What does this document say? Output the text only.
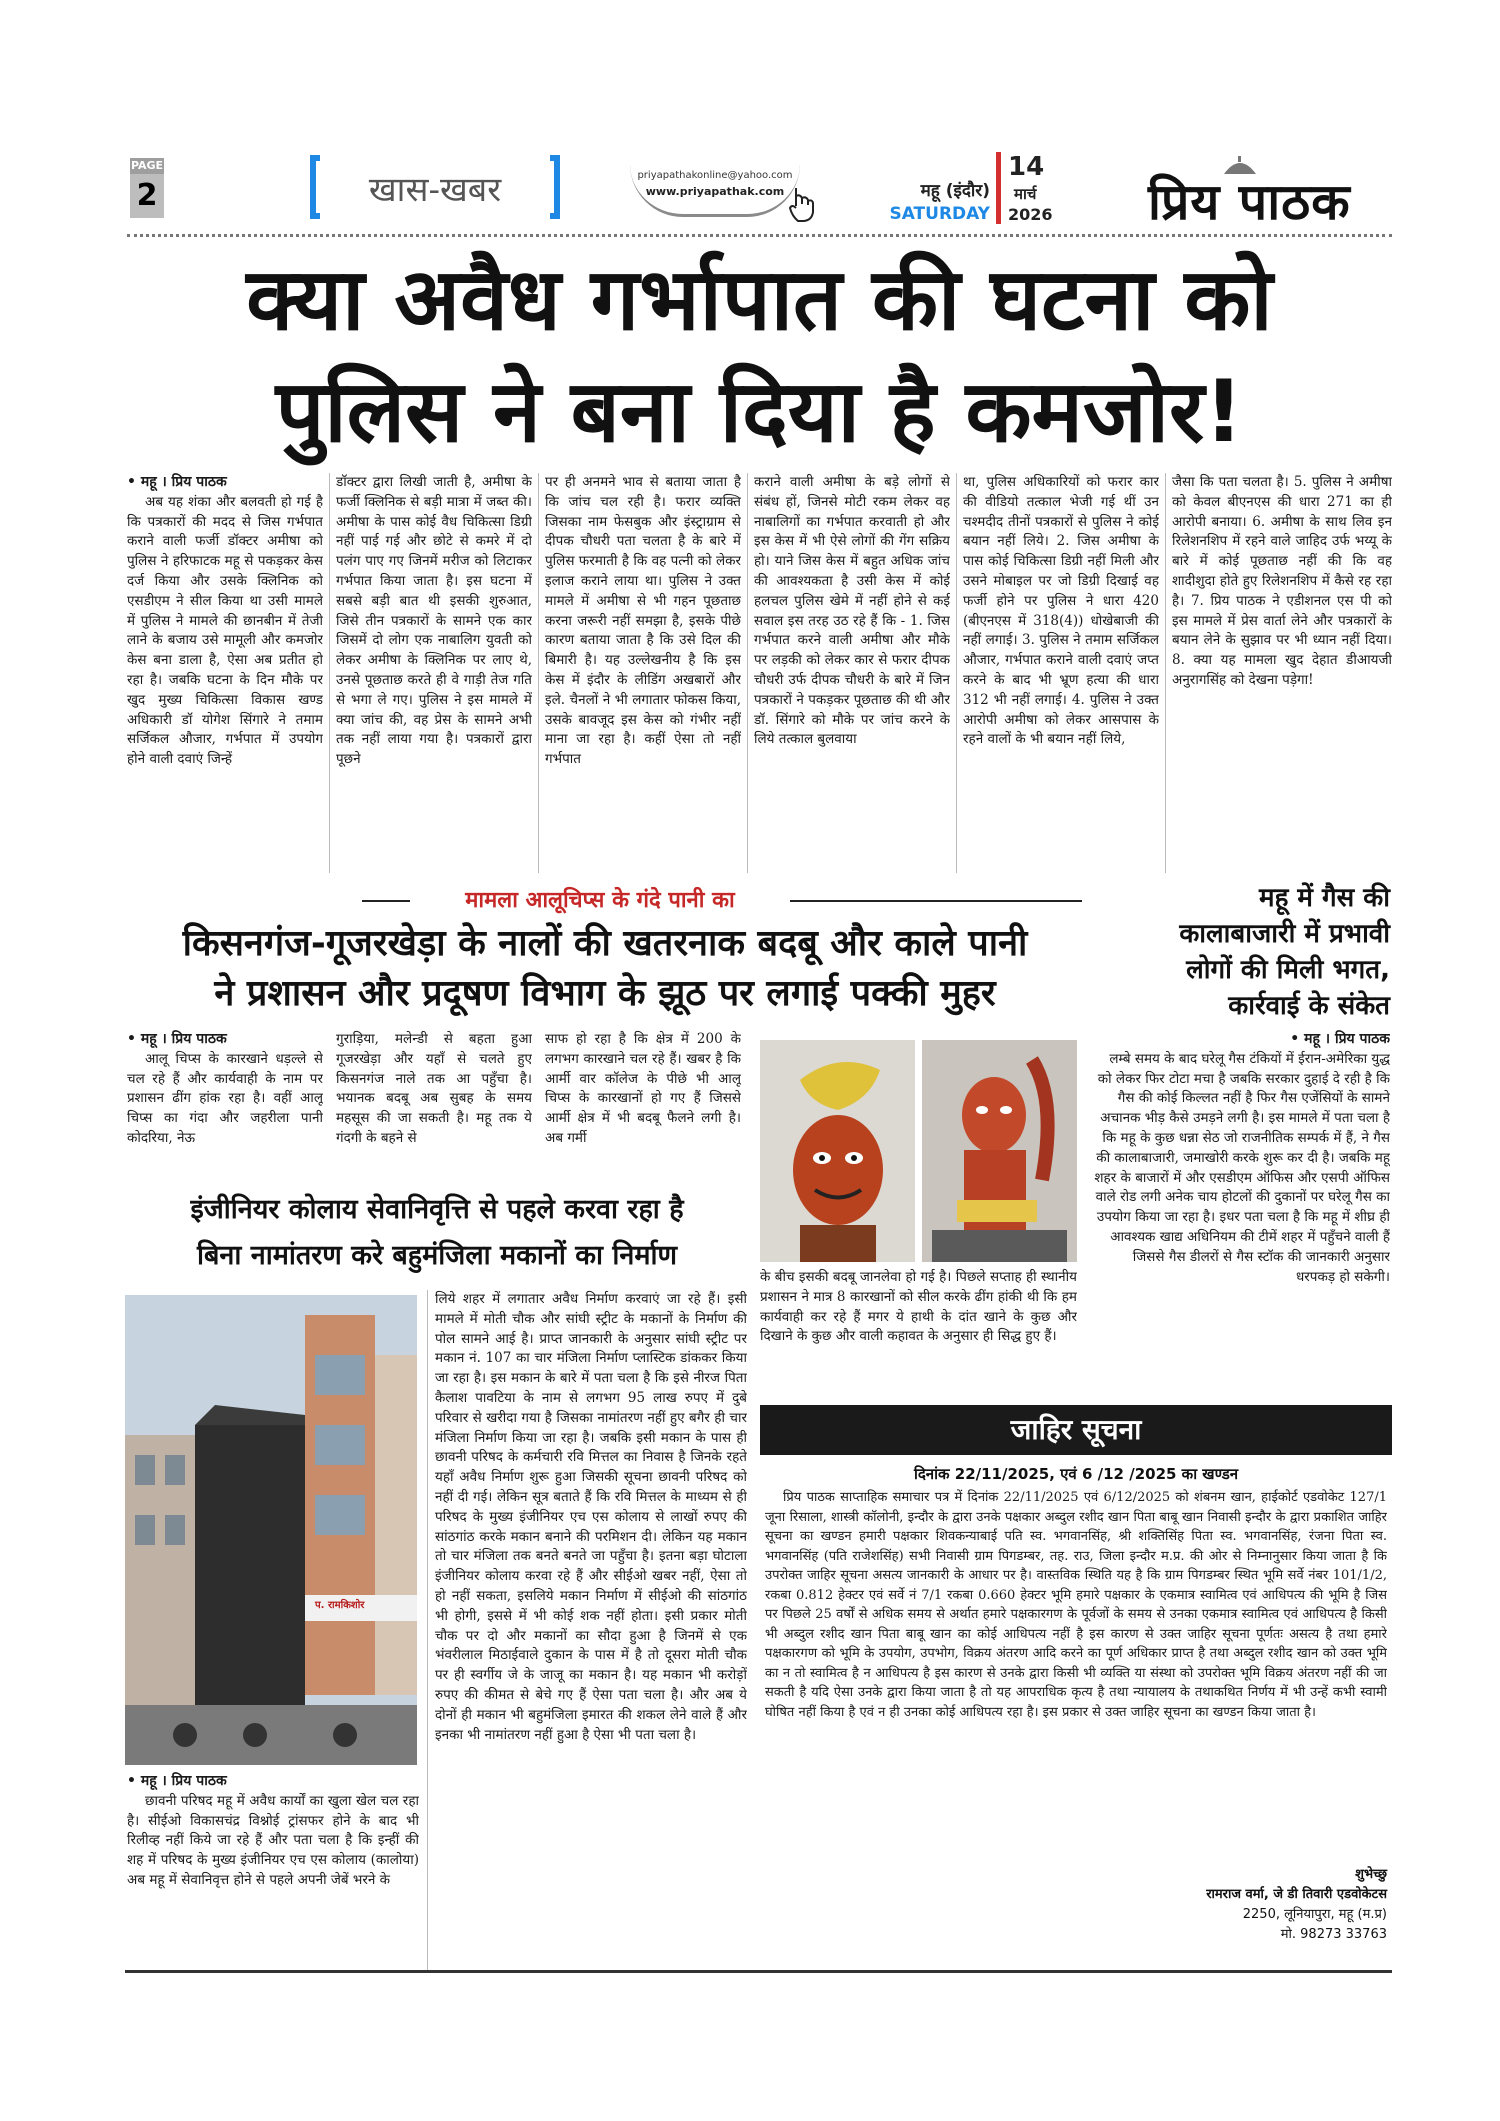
PAGE
2	खास-खबर	priyapathakonline@yahoo.com
www.priyapathak.com	महू (इंदौर)
SATURDAY
14
मार्च
2026 प्रिय पाठक
क्या अवैध गर्भापात की घटना को
पुलिस ने बना दिया है कमजोर!
• महू । प्रिय पाठक

अब यह शंका और बलवती हो गई है कि पत्रकारों की मदद से जिस गर्भपात कराने वाली फर्जी डॉक्टर अमीषा को पुलिस ने हरिफाटक महू से पकड़कर केस दर्ज किया और उसके क्लिनिक को एसडीएम ने सील किया था उसी मामले में पुलिस ने मामले की छानबीन में तेजी लाने के बजाय उसे मामूली और कमजोर केस बना डाला है, ऐसा अब प्रतीत हो रहा है। जबकि घटना के दिन मौके पर खुद मुख्य चिकित्सा विकास खण्ड अधिकारी डॉ योगेश सिंगारे ने तमाम सर्जिकल औजार, गर्भपात में उपयोग होने वाली दवाएं जिन्हें

डॉक्टर द्वारा लिखी जाती है, अमीषा के फर्जी क्लिनिक से बड़ी मात्रा में जब्त की। अमीषा के पास कोई वैध चिकित्सा डिग्री नहीं पाई गई और छोटे से कमरे में दो पलंग पाए गए जिनमें मरीज को लिटाकर गर्भपात किया जाता है। इस घटना में सबसे बड़ी बात थी इसकी शुरुआत, जिसे तीन पत्रकारों के सामने एक कार जिसमें दो लोग एक नाबालिग युवती को लेकर अमीषा के क्लिनिक पर लाए थे, उनसे पूछताछ करते ही वे गाड़ी तेज गति से भगा ले गए। पुलिस ने इस मामले में क्या जांच की, वह प्रेस के सामने अभी तक नहीं लाया गया है। पत्रकारों द्वारा पूछने

पर ही अनमने भाव से बताया जाता है कि जांच चल रही है। फरार व्यक्ति जिसका नाम फेसबुक और इंस्ट्राग्राम से दीपक चौधरी पता चलता है के बारे में पुलिस फरमाती है कि वह पत्नी को लेकर इलाज कराने लाया था। पुलिस ने उक्त मामले में अमीषा से भी गहन पूछताछ करना जरूरी नहीं समझा है, इसके पीछे कारण बताया जाता है कि उसे दिल की बिमारी है। यह उल्लेखनीय है कि इस केस में इंदौर के लीडिंग अखबारों और इले. चैनलों ने भी लगातार फोकस किया, उसके बावजूद इस केस को गंभीर नहीं माना जा रहा है। कहीं ऐसा तो नहीं गर्भपात

कराने वाली अमीषा के बड़े लोगों से संबंध हों, जिनसे मोटी रकम लेकर वह नाबालिगों का गर्भपात करवाती हो और इस केस में भी ऐसे लोगों की गेंग सक्रिय हो। याने जिस केस में बहुत अधिक जांच की आवश्यकता है उसी केस में कोई हलचल पुलिस खेमे में नहीं होने से कई सवाल इस तरह उठ रहे हैं कि - 1. जिस गर्भपात करने वाली अमीषा और मौके पर लड़की को लेकर कार से फरार दीपक चौधरी उर्फ दीपक चौधरी के बारे में जिन पत्रकारों ने पकड़कर पूछताछ की थी और डॉ. सिंगारे को मौके पर जांच करने के लिये तत्काल बुलवाया

था, पुलिस अधिकारियों को फरार कार की वीडियो तत्काल भेजी गई थीं उन चश्मदीद तीनों पत्रकारों से पुलिस ने कोई बयान नहीं लिये। 2. जिस अमीषा के पास कोई चिकित्सा डिग्री नहीं मिली और उसने मोबाइल पर जो डिग्री दिखाई वह फर्जी होने पर पुलिस ने धारा 420 (बीएनएस में 318(4)) धोखेबाजी की नहीं लगाई। 3. पुलिस ने तमाम सर्जिकल औजार, गर्भपात कराने वाली दवाएं जप्त करने के बाद भी भ्रूण हत्या की धारा 312 भी नहीं लगाई। 4. पुलिस ने उक्त आरोपी अमीषा को लेकर आसपास के रहने वालों के भी बयान नहीं लिये,

जैसा कि पता चलता है। 5. पुलिस ने अमीषा को केवल बीएनएस की धारा 271 का ही आरोपी बनाया। 6. अमीषा के साथ लिव इन रिलेशनशिप में रहने वाले जाहिद उर्फ भय्यू के बारे में कोई पूछताछ नहीं की कि वह शादीशुदा होते हुए रिलेशनशिप में कैसे रह रहा है। 7. प्रिय पाठक ने एडीशनल एस पी को इस मामले में प्रेस वार्ता लेने और पत्रकारों के बयान लेने के सुझाव पर भी ध्यान नहीं दिया। 8. क्या यह मामला खुद देहात डीआयजी अनुरागसिंह को देखना पड़ेगा!

मामला आलूचिप्स के गंदे पानी का
किसनगंज-गूजरखेड़ा के नालों की खतरनाक बदबू और काले पानी
ने प्रशासन और प्रदूषण विभाग के झूठ पर लगाई पक्की मुहर
• महू । प्रिय पाठक

आलू चिप्स के कारखाने धड़ल्ले से चल रहे हैं और कार्यवाही के नाम पर प्रशासन ढींग हांक रहा है। वहीं आलू चिप्स का गंदा और जहरीला पानी कोदरिया, नेऊ

गुराड़िया, मलेन्डी से बहता हुआ गूजरखेड़ा और यहाँ से चलते हुए किसनगंज नाले तक आ पहुँचा है। भयानक बदबू अब सुबह के समय महसूस की जा सकती है। महू तक ये गंदगी के बहने से

साफ हो रहा है कि क्षेत्र में 200 के लगभग कारखाने चल रहे हैं। खबर है कि आर्मी वार कॉलेज के पीछे भी आलू चिप्स के कारखानों हो गए हैं जिससे आर्मी क्षेत्र में भी बदबू फैलने लगी है। अब गर्मी

के बीच इसकी बदबू जानलेवा हो गई है। पिछले सप्ताह ही स्थानीय प्रशासन ने मात्र 8 कारखानों को सील करके ढींग हांकी थी कि हम कार्यवाही कर रहे हैं मगर ये हाथी के दांत खाने के कुछ और दिखाने के कुछ और वाली कहावत के अनुसार ही सिद्ध हुए हैं।

महू में गैस की
कालाबाजारी में प्रभावी
लोगों की मिली भगत,
कार्रवाई के संकेत
• महू । प्रिय पाठक

लम्बे समय के बाद घरेलू गैस टंकियों में ईरान-अमेरिका युद्ध को लेकर फिर टोटा मचा है जबकि सरकार दुहाई दे रही है कि गैस की कोई किल्लत नहीं है फिर गैस एजेंसियों के सामने अचानक भीड़ कैसे उमड़ने लगी है। इस मामले में पता चला है कि महू के कुछ धन्ना सेठ जो राजनीतिक सम्पर्क में हैं, ने गैस की कालाबाजारी, जमाखोरी करके शुरू कर दी है। जबकि महू शहर के बाजारों में और एसडीएम ऑफिस और एसपी ऑफिस वाले रोड लगी अनेक चाय होटलों की दुकानों पर घरेलू गैस का उपयोग किया जा रहा है। इधर पता चला है कि महू में शीघ्र ही आवश्यक खाद्य अधिनियम की टीमें शहर में पहुँचने वाली हैं जिससे गैस डीलरों से गैस स्टॉक की जानकारी अनुसार धरपकड़ हो सकेगी।

इंजीनियर कोलाय सेवानिवृत्ति से पहले करवा रहा है
बिना नामांतरण करे बहुमंजिला मकानों का निर्माण
प. रामकिशोर
• महू । प्रिय पाठक

छावनी परिषद महू में अवैध कार्यों का खुला खेल चल रहा है। सीईओ विकासचंद्र विश्नोई ट्रांसफर होने के बाद भी रिलीव्ह नहीं किये जा रहे हैं और पता चला है कि इन्हीं की शह में परिषद के मुख्य इंजीनियर एच एस कोलाय (कालोया) अब महू में सेवानिवृत्त होने से पहले अपनी जेबें भरने के

लिये शहर में लगातार अवैध निर्माण करवाएं जा रहे हैं। इसी मामले में मोती चौक और सांघी स्ट्रीट के मकानों के निर्माण की पोल सामने आई है। प्राप्त जानकारी के अनुसार सांघी स्ट्रीट पर मकान नं. 107 का चार मंजिला निर्माण प्लास्टिक डांककर किया जा रहा है। इस मकान के बारे में पता चला है कि इसे नीरज पिता कैलाश पावटिया के नाम से लगभग 95 लाख रुपए में दुबे परिवार से खरीदा गया है जिसका नामांतरण नहीं हुए बगैर ही चार मंजिला निर्माण किया जा रहा है। जबकि इसी मकान के पास ही छावनी परिषद के कर्मचारी रवि मित्तल का निवास है जिनके रहते यहाँ अवैध निर्माण शुरू हुआ जिसकी सूचना छावनी परिषद को नहीं दी गई। लेकिन सूत्र बताते हैं कि रवि मित्तल के माध्यम से ही परिषद के मुख्य इंजीनियर एच एस कोलाय से लाखों रुपए की सांठगांठ करके मकान बनाने की परमिशन दी। लेकिन यह मकान तो चार मंजिला तक बनते बनते जा पहुँचा है। इतना बड़ा घोटाला इंजीनियर कोलाय करवा रहे हैं और सीईओ खबर नहीं, ऐसा तो हो नहीं सकता, इसलिये मकान निर्माण में सीईओ की सांठगांठ भी होगी, इससे में भी कोई शक नहीं होता। इसी प्रकार मोती चौक पर दो और मकानों का सौदा हुआ है जिनमें से एक भंवरीलाल मिठाईवाले दुकान के पास में है तो दूसरा मोती चौक पर ही स्वर्गीय जे के जाजू का मकान है। यह मकान भी करोड़ों रुपए की कीमत से बेचे गए हैं ऐसा पता चला है। और अब ये दोनों ही मकान भी बहुमंजिला इमारत की शकल लेने वाले हैं और इनका भी नामांतरण नहीं हुआ है ऐसा भी पता चला है।

जाहिर सूचना
दिनांक 22/11/2025, एवं 6 /12 /2025 का खण्डन

प्रिय पाठक साप्ताहिक समाचार पत्र में दिनांक 22/11/2025 एवं 6/12/2025 को शंबनम खान, हाईकोर्ट एडवोकेट 127/1 जूना रिसाला, शास्त्री कॉलोनी, इन्दौर के द्वारा उनके पक्षकार अब्दुल रशीद खान पिता बाबू खान निवासी इन्दौर के द्वारा प्रकाशित जाहिर सूचना का खण्डन हमारी पक्षकार शिवकन्याबाई पति स्व. भगवानसिंह, श्री शक्तिसिंह पिता स्व. भगवानसिंह, रंजना पिता स्व. भगवानसिंह (पति राजेशसिंह) सभी निवासी ग्राम पिगडम्बर, तह. राउ, जिला इन्दौर म.प्र. की ओर से निम्नानुसार किया जाता है कि उपरोक्त जाहिर सूचना असत्य जानकारी के आधार पर है। वास्तविक स्थिति यह है कि ग्राम पिगडम्बर स्थित भूमि सर्वे नंबर 101/1/2, रकबा 0.812 हेक्टर एवं सर्वे नं 7/1 रकबा 0.660 हेक्टर भूमि हमारे पक्षकार के एकमात्र स्वामित्व एवं आधिपत्य की भूमि है जिस पर पिछले 25 वर्षों से अधिक समय से अर्थात हमारे पक्षकारगण के पूर्वजों के समय से उनका एकमात्र स्वामित्व एवं आधिपत्य है किसी भी अब्दुल रशीद खान पिता बाबू खान का कोई आधिपत्य नहीं है इस कारण से उक्त जाहिर सूचना पूर्णतः असत्य है तथा हमारे पक्षकारगण को भूमि के उपयोग, उपभोग, विक्रय अंतरण आदि करने का पूर्ण अधिकार प्राप्त है तथा अब्दुल रशीद खान को उक्त भूमि का न तो स्वामित्व है न आधिपत्य है इस कारण से उनके द्वारा किसी भी व्यक्ति या संस्था को उपरोक्त भूमि विक्रय अंतरण नहीं की जा सकती है यदि ऐसा उनके द्वारा किया जाता है तो यह आपराधिक कृत्य है तथा न्यायालय के तथाकथित निर्णय में भी उन्हें कभी स्वामी घोषित नहीं किया है एवं न ही उनका कोई आधिपत्य रहा है। इस प्रकार से उक्त जाहिर सूचना का खण्डन किया जाता है।

शुभेच्छु
रामराज वर्मा, जे डी तिवारी एडवोकेटस
2250, लूनियापुरा, महू (म.प्र)
मो. 98273 33763
